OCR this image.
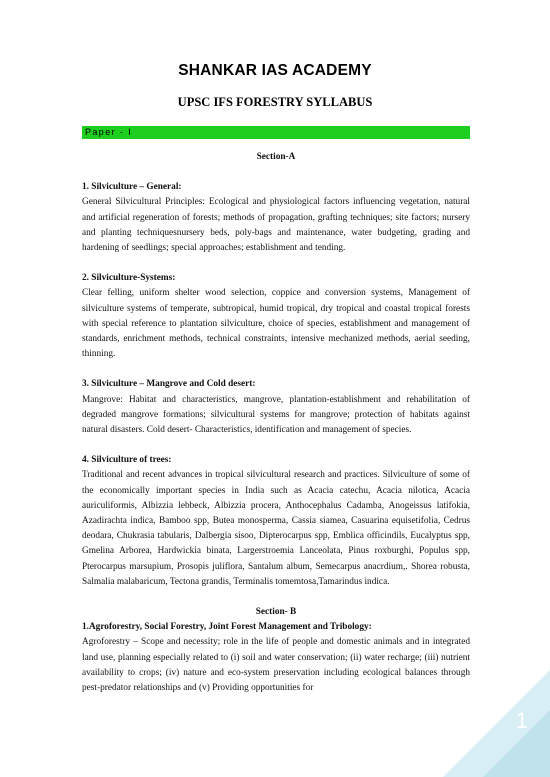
SHANKAR IAS ACADEMY
UPSC IFS FORESTRY SYLLABUS
Paper - I

Section-A

1. Silviculture – General:
General Silvicultural Principles: Ecological and physiological factors influencing vegetation, natural and artificial regeneration of forests; methods of propagation, grafting techniques; site factors; nursery and planting techniquesnursery beds, poly-bags and maintenance, water budgeting, grading and hardening of seedlings; special approaches; establishment and tending.
2. Silviculture-Systems:
Clear felling, uniform shelter wood selection, coppice and conversion systems, Management of silviculture systems of temperate, subtropical, humid tropical, dry tropical and coastal tropical forests with special reference to plantation silviculture, choice of species, establishment and management of standards, enrichment methods, technical constraints, intensive mechanized methods, aerial seeding, thinning.
3. Silviculture – Mangrove and Cold desert:
Mangrove: Habitat and characteristics, mangrove, plantation-establishment and rehabilitation of degraded mangrove formations; silvicultural systems for mangrove; protection of habitats against natural disasters. Cold desert- Characteristics, identification and management of species.
4. Silviculture of trees:
Traditional and recent advances in tropical silvicultural research and practices. Silviculture of some of the economically important species in India such as Acacia catechu, Acacia nilotica, Acacia auriculiformis, Albizzia lebbeck, Albizzia procera, Anthocephalus Cadamba, Anogeissus latifokia, Azadirachta indica, Bamboo spp, Butea monosperma, Cassia siamea, Casuarina equisetifolia, Cedrus deodara, Chukrasia tabularis, Dalbergia sisoo, Dipterocarpus spp, Emblica officindils, Eucalyptus spp, Gmelina Arborea, Hardwickia binata, Largerstroemia Lanceolata, Pinus roxburghi, Populus spp, Pterocarpus marsupium, Prosopis juliflora, Santalum album, Semecarpus anacrdium,. Shorea robusta, Salmalia malabaricum, Tectona grandis, Terminalis tomemtosa,Tamarindus indica.

Section- B

1.Agroforestry, Social Forestry, Joint Forest Management and Tribology:
Agroforestry – Scope and necessity; role in the life of people and domestic animals and in integrated land use, planning especially related to (i) soil and water conservation; (ii) water recharge; (iii) nutrient availability to crops; (iv) nature and eco-system preservation including ecological balances through pest-predator relationships and (v) Providing opportunities for
1
